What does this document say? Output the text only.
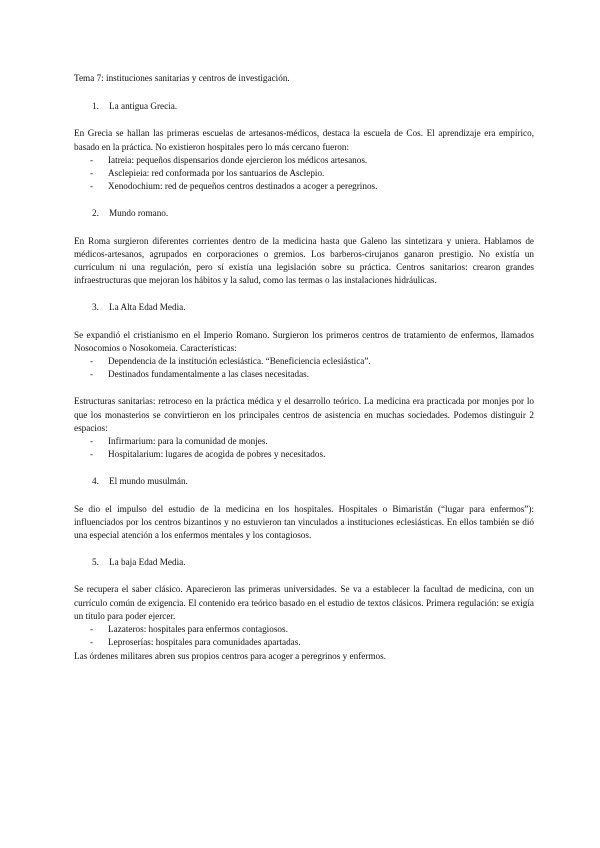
Tema 7: instituciones sanitarias y centros de investigación.

1.	La antigua Grecia.

En Grecia se hallan las primeras escuelas de artesanos-médicos, destaca la escuela de Cos. El aprendizaje era empírico, basado en la práctica. No existieron hospitales pero lo más cercano fueron:

- Iatreia: pequeños dispensarios donde ejercieron los médicos artesanos.
- Asclepieia: red conformada por los santuarios de Asclepio.
- Xenodochium: red de pequeños centros destinados a acoger a peregrinos.
2.	Mundo romano.

En Roma surgieron diferentes corrientes dentro de la medicina hasta que Galeno las sintetizara y uniera. Hablamos de médicos-artesanos, agrupados en corporaciones o gremios. Los barberos-cirujanos ganaron prestigio. No existía un currículum ni una regulación, pero sí existía una legislación sobre su práctica. Centros sanitarios: crearon grandes infraestructuras que mejoran los hábitos y la salud, como las termas o las instalaciones hidráulicas.

3.	La Alta Edad Media.

Se expandió el cristianismo en el Imperio Romano. Surgieron los primeros centros de tratamiento de enfermos, llamados Nosocomios o Nosokomeia. Características:

- Dependencia de la institución eclesiástica. “Beneficiencia eclesiástica”.
- Destinados fundamentalmente a las clases necesitadas.

Estructuras sanitarias: retroceso en la práctica médica y el desarrollo teórico. La medicina era practicada por monjes por lo que los monasterios se convirtieron en los principales centros de asistencia en muchas sociedades. Podemos distinguir 2 espacios:

- Infirmarium: para la comunidad de monjes.
- Hospitalarium: lugares de acogida de pobres y necesitados.
4.	El mundo musulmán.

Se dio el impulso del estudio de la medicina en los hospitales. Hospitales o Bimaristán (“lugar para enfermos”): influenciados por los centros bizantinos y no estuvieron tan vinculados a instituciones eclesiásticas. En ellos también se dió una especial atención a los enfermos mentales y los contagiosos.

5.	La baja Edad Media.

Se recupera el saber clásico. Aparecieron las primeras universidades. Se va a establecer la facultad de medicina, con un currículo común de exigencia. El contenido era teórico basado en el estudio de textos clásicos. Primera regulación: se exigía un título para poder ejercer.

- Lazateros: hospitales para enfermos contagiosos.
- Leproserías: hospitales para comunidades apartadas.

Las órdenes militares abren sus propios centros para acoger a peregrinos y enfermos.
